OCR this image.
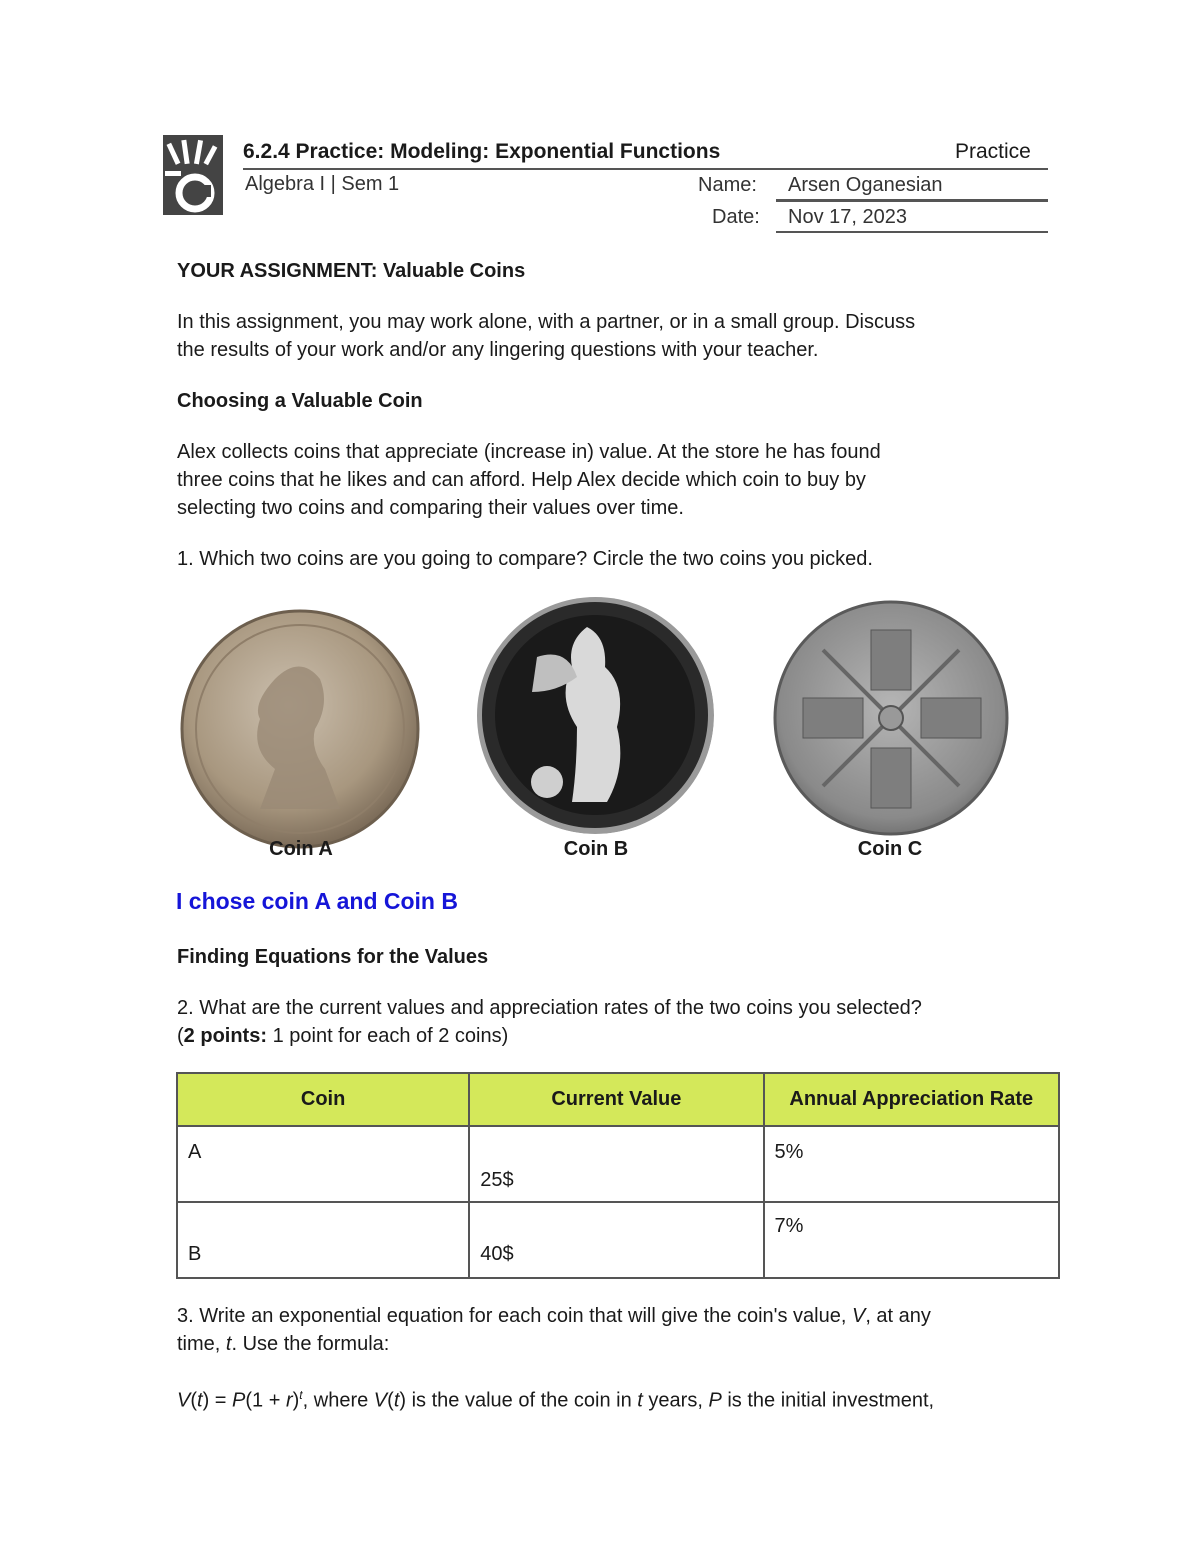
6.2.4 Practice: Modeling: Exponential Functions	Practice
Algebra I | Sem 1	Name: Arsen Oganesian
Date: Nov 17, 2023
YOUR ASSIGNMENT: Valuable Coins
In this assignment, you may work alone, with a partner, or in a small group. Discuss
the results of your work and/or any lingering questions with your teacher.
Choosing a Valuable Coin
Alex collects coins that appreciate (increase in) value. At the store he has found
three coins that he likes and can afford. Help Alex decide which coin to buy by
selecting two coins and comparing their values over time.
1. Which two coins are you going to compare? Circle the two coins you picked.
Coin A	Coin B	Coin C
I chose coin A and Coin B
Finding Equations for the Values
2. What are the current values and appreciation rates of the two coins you selected?
(2 points: 1 point for each of 2 coins)
Coin	Current Value	Annual Appreciation Rate

A	25$	5%

B	40$	7%
3. Write an exponential equation for each coin that will give the coin's value, V, at any
time, t. Use the formula:
$V(t) = P(1 + r)^t$, where V(t) is the value of the coin in t years, P is the initial investment,
